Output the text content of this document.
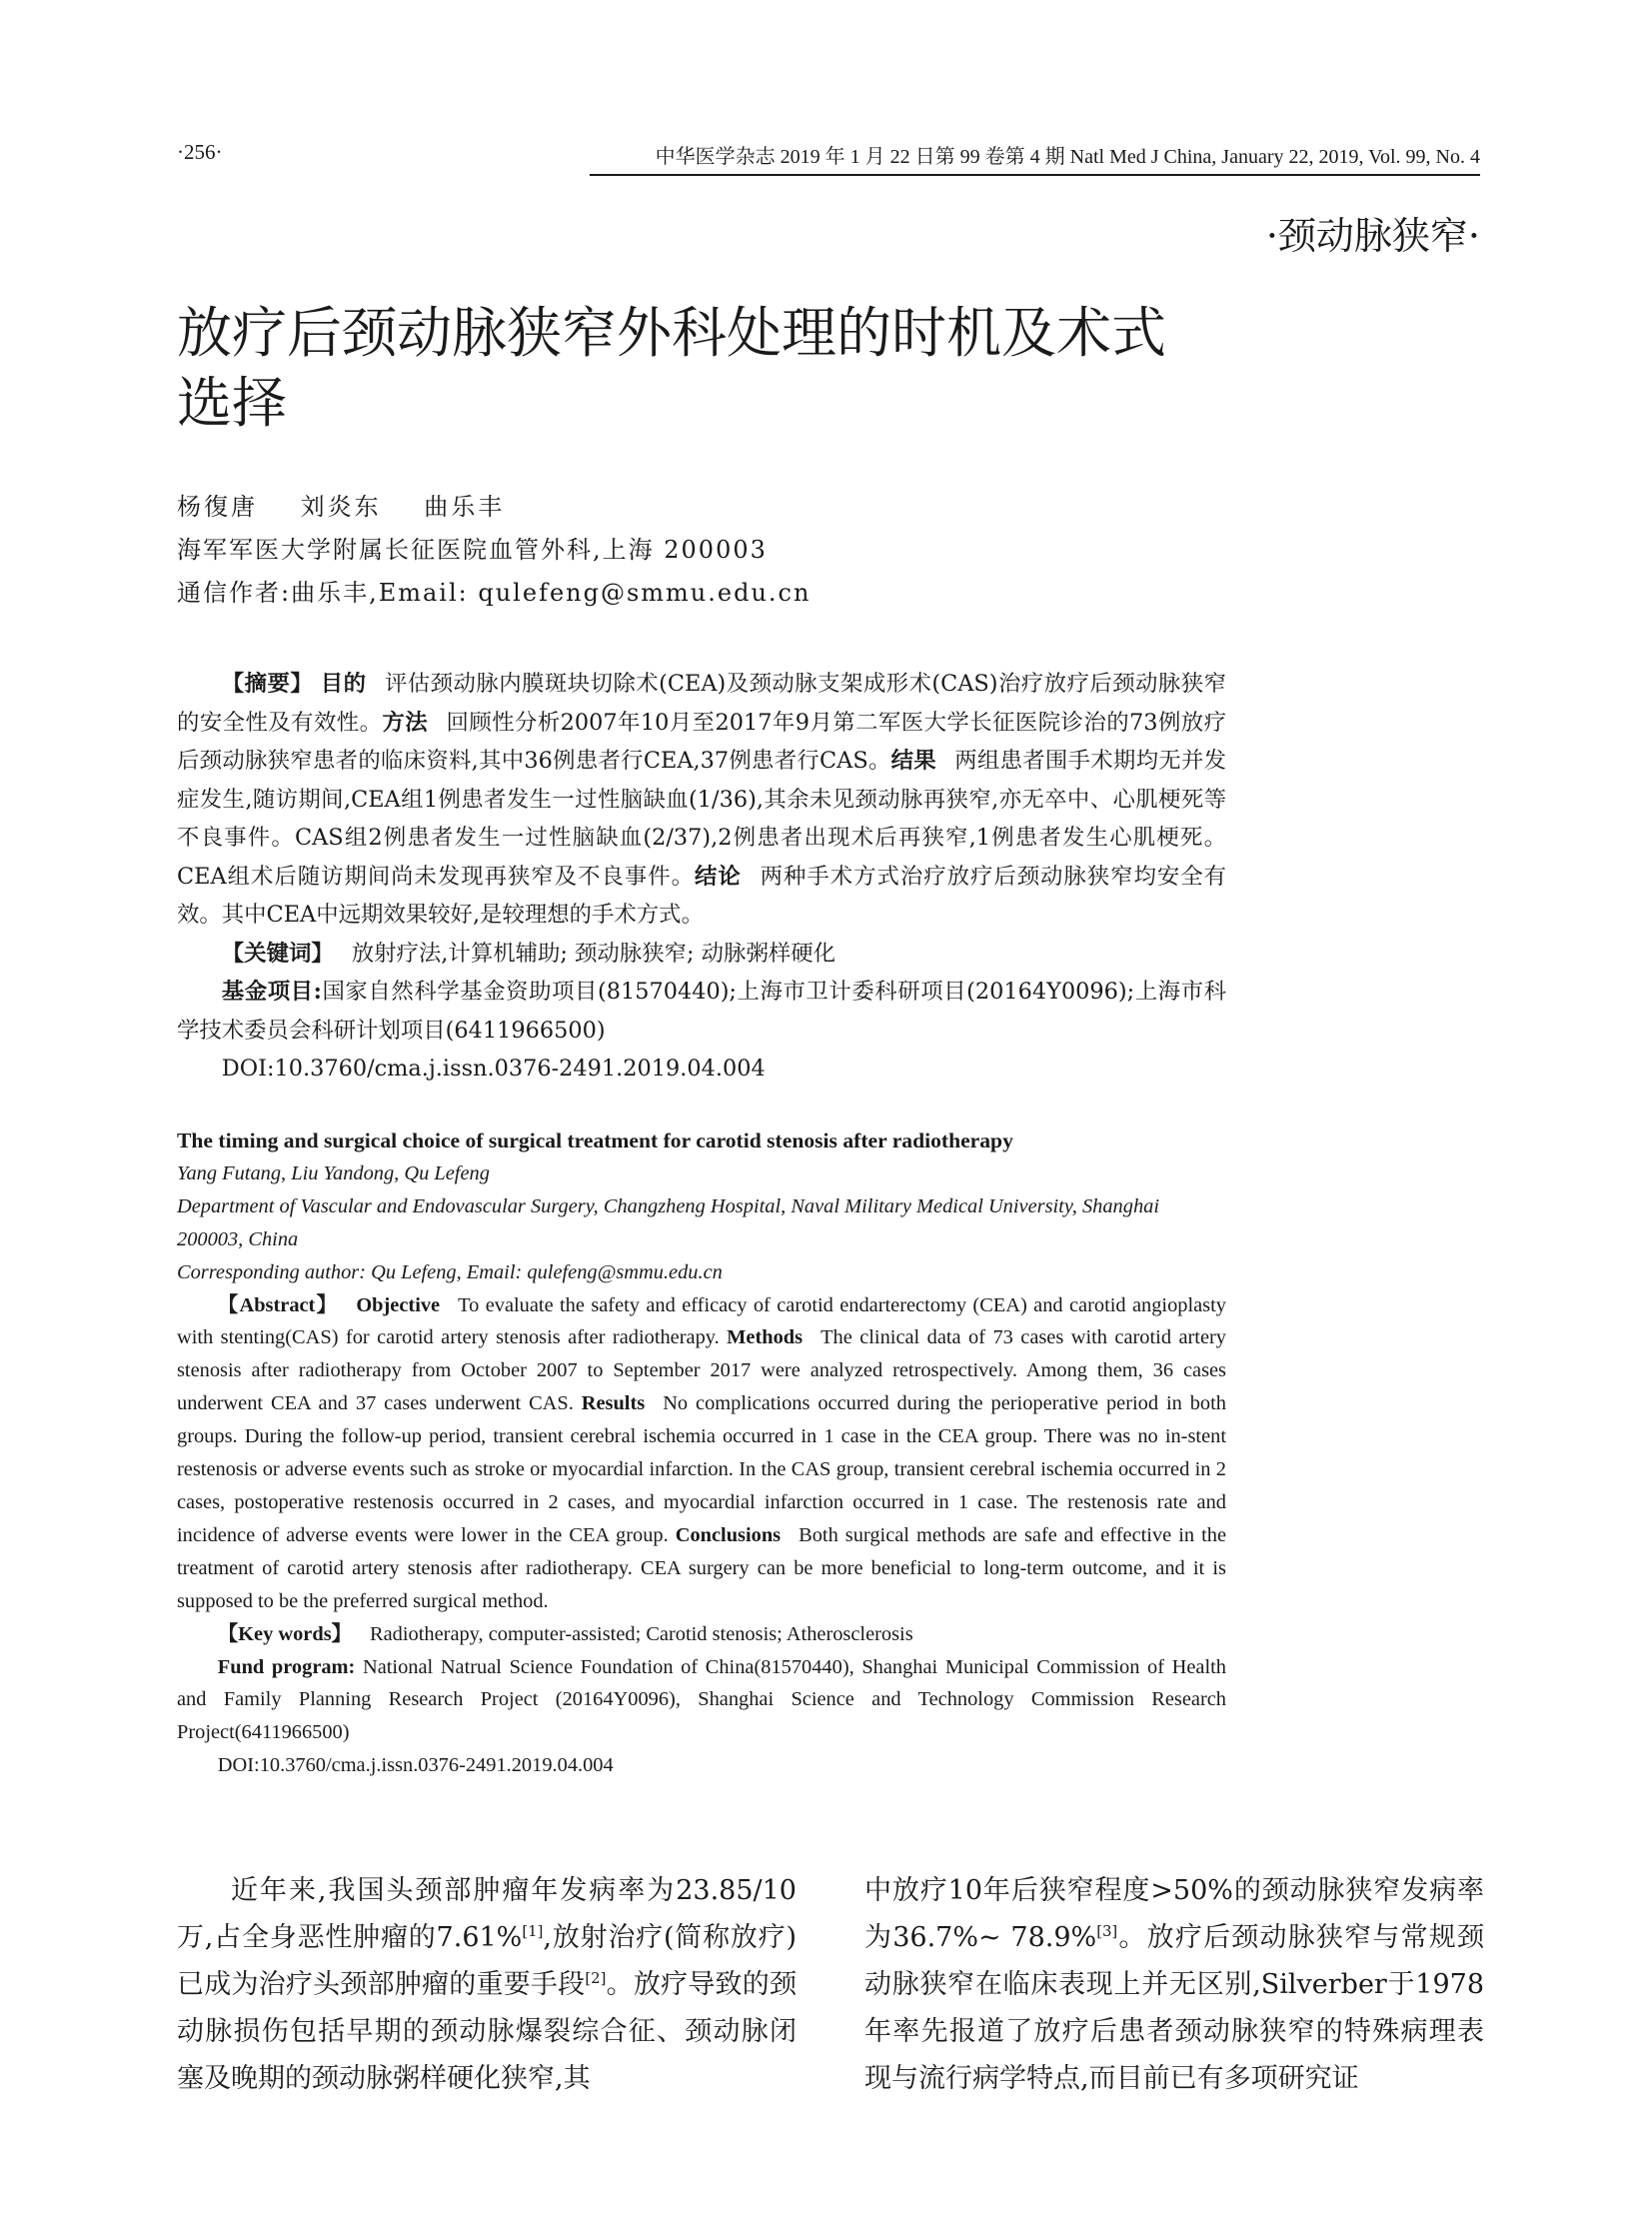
·256·	中华医学杂志 2019 年 1 月 22 日第 99 卷第 4 期 Natl Med J China, January 22, 2019, Vol. 99, No. 4
·颈动脉狭窄·
放疗后颈动脉狭窄外科处理的时机及术式
选择
杨復唐 刘炎东 曲乐丰
海军军医大学附属长征医院血管外科,上海 200003
通信作者:曲乐丰,Email: qulefeng@smmu.edu.cn

【摘要】 目的 评估颈动脉内膜斑块切除术(CEA)及颈动脉支架成形术(CAS)治疗放疗后颈动脉狭窄的安全性及有效性。方法 回顾性分析2007年10月至2017年9月第二军医大学长征医院诊治的73例放疗后颈动脉狭窄患者的临床资料,其中36例患者行CEA,37例患者行CAS。结果 两组患者围手术期均无并发症发生,随访期间,CEA组1例患者发生一过性脑缺血(1/36),其余未见颈动脉再狭窄,亦无卒中、心肌梗死等不良事件。CAS组2例患者发生一过性脑缺血(2/37),2例患者出现术后再狭窄,1例患者发生心肌梗死。CEA组术后随访期间尚未发现再狭窄及不良事件。结论 两种手术方式治疗放疗后颈动脉狭窄均安全有效。其中CEA中远期效果较好,是较理想的手术方式。

【关键词】 放射疗法,计算机辅助; 颈动脉狭窄; 动脉粥样硬化

基金项目:国家自然科学基金资助项目(81570440);上海市卫计委科研项目(20164Y0096);上海市科学技术委员会科研计划项目(6411966500)

DOI:10.3760/cma.j.issn.0376-2491.2019.04.004

The timing and surgical choice of surgical treatment for carotid stenosis after radiotherapy

Yang Futang, Liu Yandong, Qu Lefeng

Department of Vascular and Endovascular Surgery, Changzheng Hospital, Naval Military Medical University, Shanghai 200003, China

Corresponding author: Qu Lefeng, Email: qulefeng@smmu.edu.cn

【Abstract】 Objective To evaluate the safety and efficacy of carotid endarterectomy (CEA) and carotid angioplasty with stenting(CAS) for carotid artery stenosis after radiotherapy. Methods The clinical data of 73 cases with carotid artery stenosis after radiotherapy from October 2007 to September 2017 were analyzed retrospectively. Among them, 36 cases underwent CEA and 37 cases underwent CAS. Results No complications occurred during the perioperative period in both groups. During the follow-up period, transient cerebral ischemia occurred in 1 case in the CEA group. There was no in-stent restenosis or adverse events such as stroke or myocardial infarction. In the CAS group, transient cerebral ischemia occurred in 2 cases, postoperative restenosis occurred in 2 cases, and myocardial infarction occurred in 1 case. The restenosis rate and incidence of adverse events were lower in the CEA group. Conclusions Both surgical methods are safe and effective in the treatment of carotid artery stenosis after radiotherapy. CEA surgery can be more beneficial to long-term outcome, and it is supposed to be the preferred surgical method.

【Key words】 Radiotherapy, computer-assisted; Carotid stenosis; Atherosclerosis

Fund program: National Natrual Science Foundation of China(81570440), Shanghai Municipal Commission of Health and Family Planning Research Project (20164Y0096), Shanghai Science and Technology Commission Research Project(6411966500)

DOI:10.3760/cma.j.issn.0376-2491.2019.04.004

近年来,我国头颈部肿瘤年发病率为23.85/10万,占全身恶性肿瘤的7.61%[1],放射治疗(简称放疗)已成为治疗头颈部肿瘤的重要手段[2]。放疗导致的颈动脉损伤包括早期的颈动脉爆裂综合征、颈动脉闭塞及晚期的颈动脉粥样硬化狭窄,其

中放疗10年后狭窄程度>50%的颈动脉狭窄发病率为36.7%~ 78.9%[3]。放疗后颈动脉狭窄与常规颈动脉狭窄在临床表现上并无区别,Silverber于1978年率先报道了放疗后患者颈动脉狭窄的特殊病理表现与流行病学特点,而目前已有多项研究证
